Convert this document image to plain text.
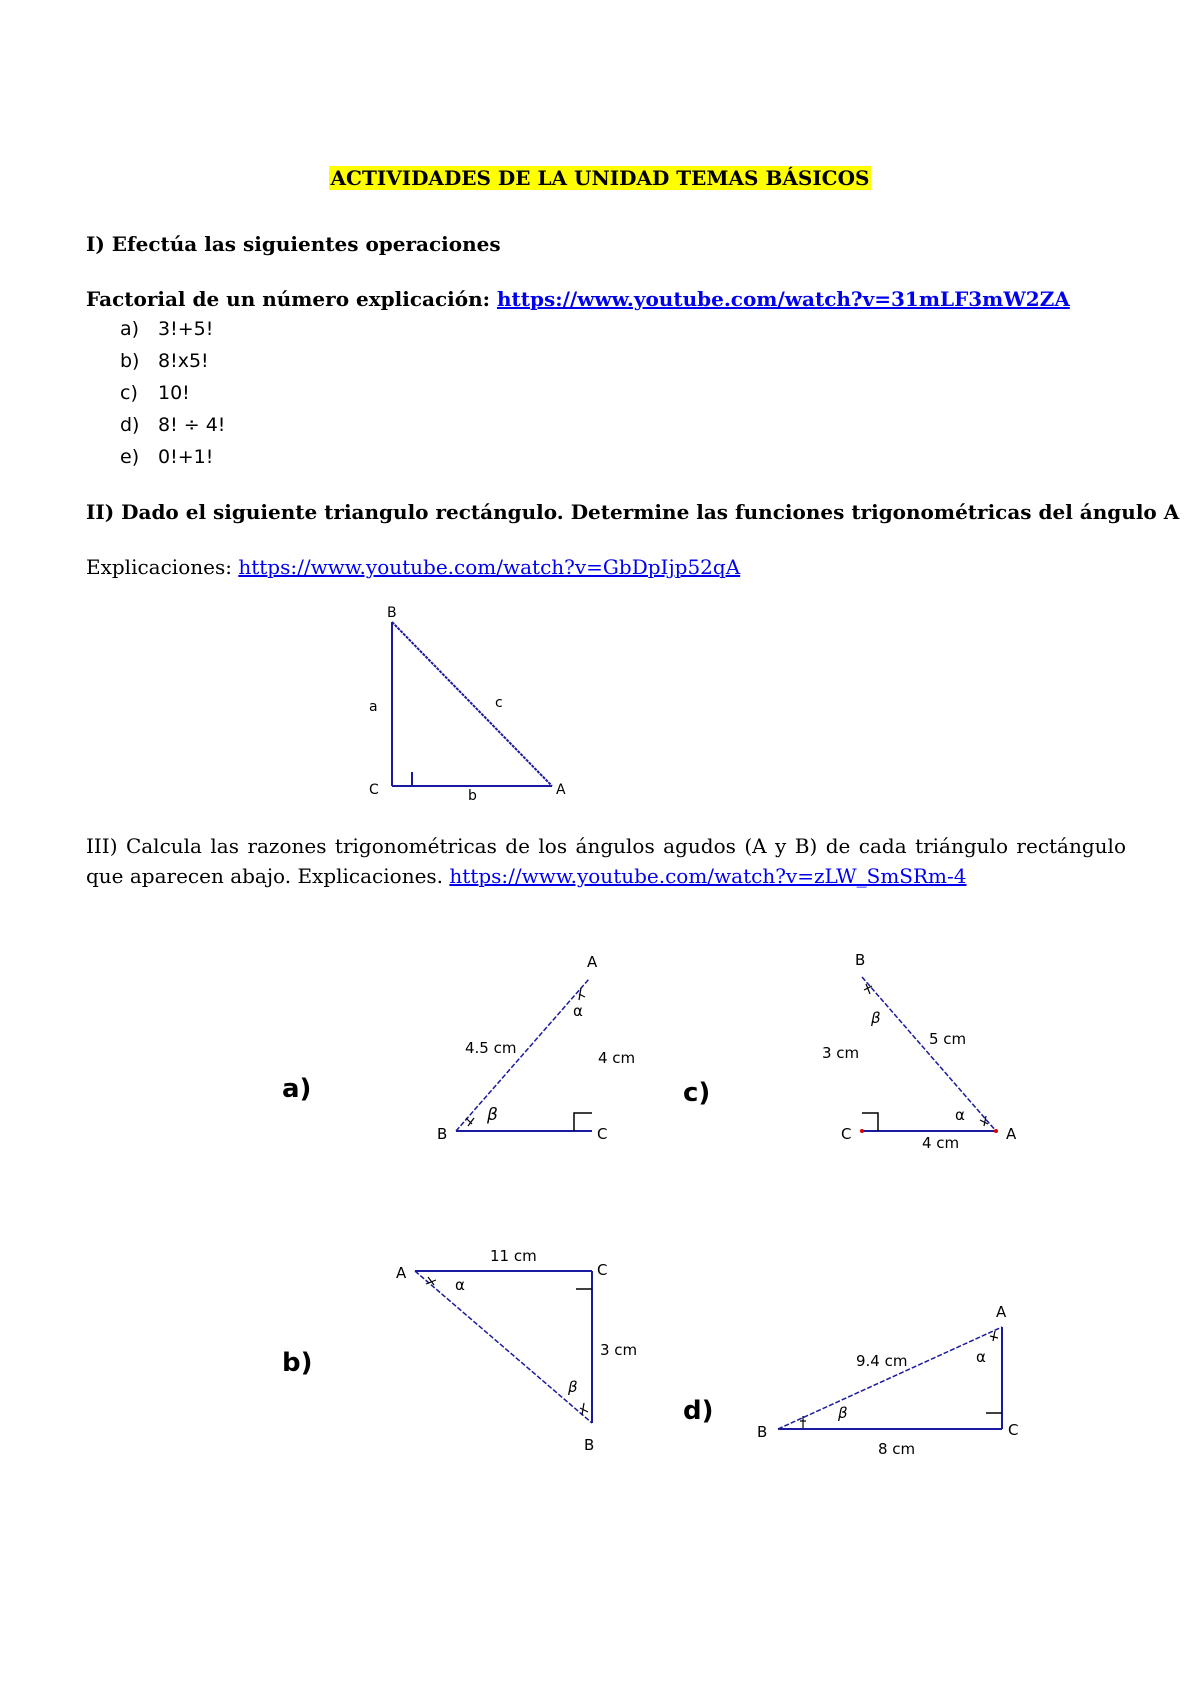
ACTIVIDADES DE LA UNIDAD TEMAS BÁSICOS
I) Efectúa las siguientes operaciones
Factorial de un número explicación: https://www.youtube.com/watch?v=31mLF3mW2ZA
a) 3!+5!
b) 8!x5!
c) 10!
d) 8! ÷ 4!
e) 0!+1!
II) Dado el siguiente triangulo rectángulo. Determine las funciones trigonométricas del ángulo A
Explicaciones: https://www.youtube.com/watch?v=GbDpIjp52qA
B
C	A
a
b
c
A
B	C
4.5 cm
4 cm
α
β
B
C	A
5 cm
3 cm
4 cm
α
β
A	C
B
11 cm
3 cm
α
β
A
B	C
9.4 cm
8 cm
α
β
III) Calcula las razones trigonométricas de los ángulos agudos (A y B) de cada triángulo rectángulo que aparecen abajo. Explicaciones. https://www.youtube.com/watch?v=zLW_SmSRm-4
a)	c)
b)
d)
